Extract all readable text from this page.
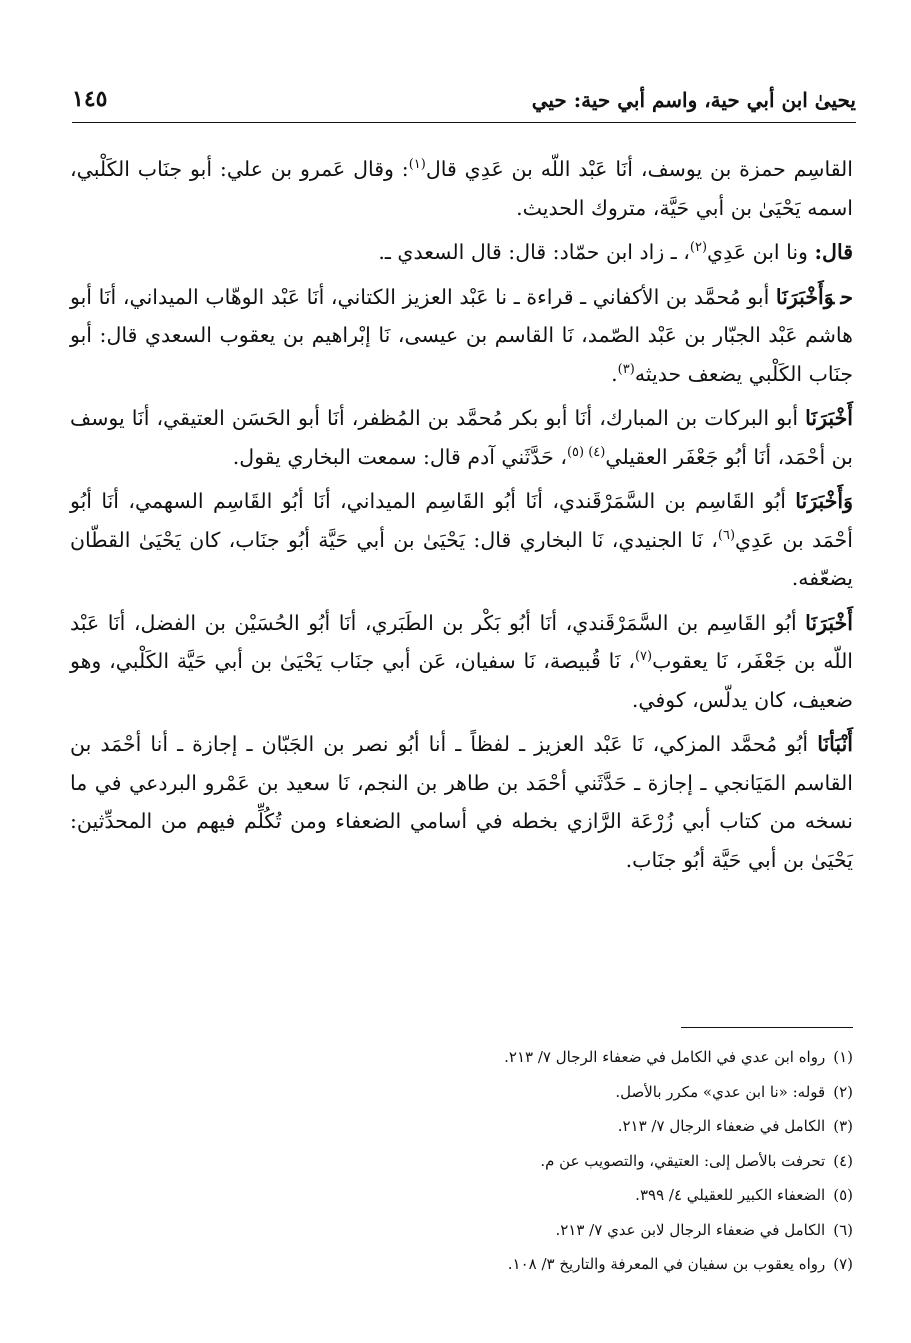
يحيىٰ ابن أبي حية، واسم أبي حية: حيي
١٤٥

القاسِم حمزة بن يوسف، أنَا عَبْد اللّه بن عَدِي قال$^{(١)}$: وقال عَمرو بن علي: أبو جنَاب الكَلْبي، اسمه يَحْيَىٰ بن أبي حَيَّة، متروك الحديث.

قال: ونا ابن عَدِي$^{(٢)}$، ـ زاد ابن حمّاد: قال: قال السعدي ـ.

حوَأَخْبَرَنَا أبو مُحمَّد بن الأكفاني ـ قراءة ـ نا عَبْد العزيز الكتاني، أنَا عَبْد الوهّاب الميداني، أنَا أبو هاشم عَبْد الجبّار بن عَبْد الصّمد، نَا القاسم بن عيسى، نَا إبْراهيم بن يعقوب السعدي قال: أبو جنَاب الكَلْبي يضعف حديثه$^{(٣)}$.

أَخْبَرَنَا أبو البركات بن المبارك، أنَا أبو بكر مُحمَّد بن المُظفر، أنَا أبو الحَسَن العتيقي، أنَا يوسف بن أحْمَد، أنَا أبُو جَعْفَر العقيلي$^{(٤) (٥)}$، حَدَّثَني آدم قال: سمعت البخاري يقول.

وَأَخْبَرَنَا أبُو القَاسِم بن السَّمَرْقَندي، أنَا أبُو القَاسِم الميداني، أنَا أبُو القَاسِم السهمي، أنَا أبُو أحْمَد بن عَدِي$^{(٦)}$، نَا الجنيدي، نَا البخاري قال: يَحْيَىٰ بن أبي حَيَّة أبُو جنَاب، كان يَحْيَىٰ القطّان يضعّفه.

أَخْبَرَنَا أبُو القَاسِم بن السَّمَرْقَندي، أنَا أبُو بَكْر بن الطَبَري، أنَا أبُو الحُسَيْن بن الفضل، أنَا عَبْد اللّه بن جَعْفَر، نَا يعقوب$^{(٧)}$، نَا قُبيصة، نَا سفيان، عَن أبي جنَاب يَحْيَىٰ بن أبي حَيَّة الكَلْبي، وهو ضعيف، كان يدلّس، كوفي.

أَنْبَأنَا أبُو مُحمَّد المزكي، نَا عَبْد العزيز ـ لفظاً ـ أنا أبُو نصر بن الجَبّان ـ إجازة ـ أنا أحْمَد بن القاسم المَيَانجي ـ إجازة ـ حَدَّثَني أحْمَد بن طاهر بن النجم، نَا سعيد بن عَمْرو البردعي في ما نسخه من كتاب أبي زُرْعَة الرَّازي بخطه في أسامي الضعفاء ومن تُكُلِّم فيهم من المحدِّثين: يَحْيَىٰ بن أبي حَيَّة أبُو جنَاب.

(١)رواه ابن عدي في الكامل في ضعفاء الرجال ٧/ ٢١٣.
(٢)قوله: «نا ابن عدي» مكرر بالأصل.
(٣)الكامل في ضعفاء الرجال ٧/ ٢١٣.
(٤)تحرفت بالأصل إلى: العتيقي، والتصويب عن م.
(٥)الضعفاء الكبير للعقيلي ٤/ ٣٩٩.
(٦)الكامل في ضعفاء الرجال لابن عدي ٧/ ٢١٣.
(٧)رواه يعقوب بن سفيان في المعرفة والتاريخ ٣/ ١٠٨.
